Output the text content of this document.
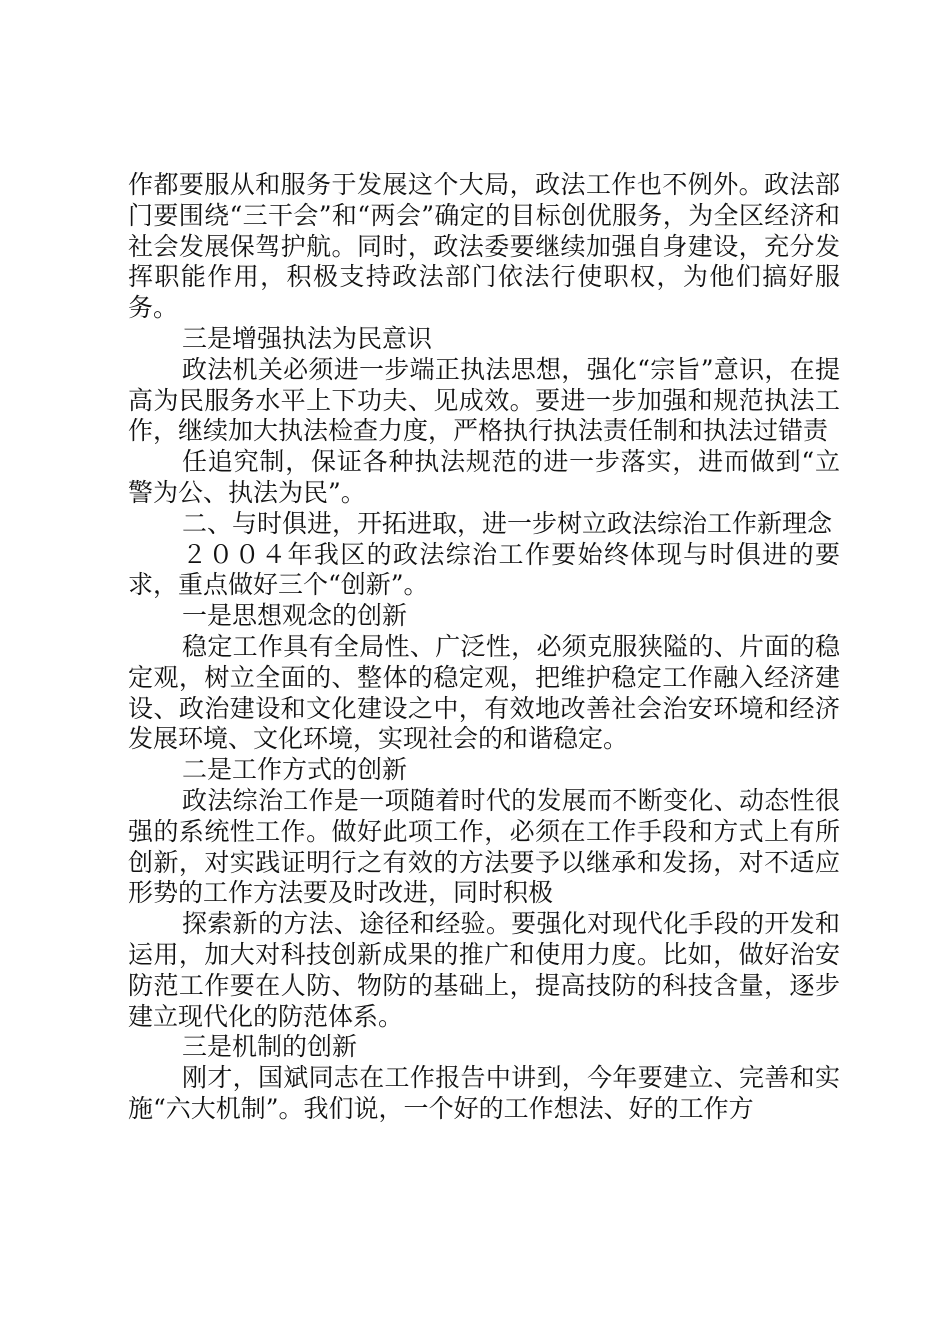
作都要服从和服务于发展这个大局，政法工作也不例外。政法部门要围绕“三干会”和“两会”确定的目标创优服务，为全区经济和社会发展保驾护航。同时，政法委要继续加强自身建设，充分发挥职能作用，积极支持政法部门依法行使职权，为他们搞好服务。

三是增强执法为民意识

政法机关必须进一步端正执法思想，强化“宗旨”意识，在提高为民服务水平上下功夫、见成效。要进一步加强和规范执法工作，继续加大执法检查力度，严格执行执法责任制和执法过错责

任追究制，保证各种执法规范的进一步落实，进而做到“立警为公、执法为民”。

二、与时俱进，开拓进取，进一步树立政法综治工作新理念

２００４年我区的政法综治工作要始终体现与时俱进的要求，重点做好三个“创新”。

一是思想观念的创新

稳定工作具有全局性、广泛性，必须克服狭隘的、片面的稳定观，树立全面的、整体的稳定观，把维护稳定工作融入经济建设、政治建设和文化建设之中，有效地改善社会治安环境和经济发展环境、文化环境，实现社会的和谐稳定。

二是工作方式的创新

政法综治工作是一项随着时代的发展而不断变化、动态性很强的系统性工作。做好此项工作，必须在工作手段和方式上有所创新，对实践证明行之有效的方法要予以继承和发扬，对不适应形势的工作方法要及时改进，同时积极

探索新的方法、途径和经验。要强化对现代化手段的开发和运用，加大对科技创新成果的推广和使用力度。比如，做好治安防范工作要在人防、物防的基础上，提高技防的科技含量，逐步建立现代化的防范体系。

三是机制的创新

刚才，国斌同志在工作报告中讲到，今年要建立、完善和实施“六大机制”。我们说，一个好的工作想法、好的工作方
